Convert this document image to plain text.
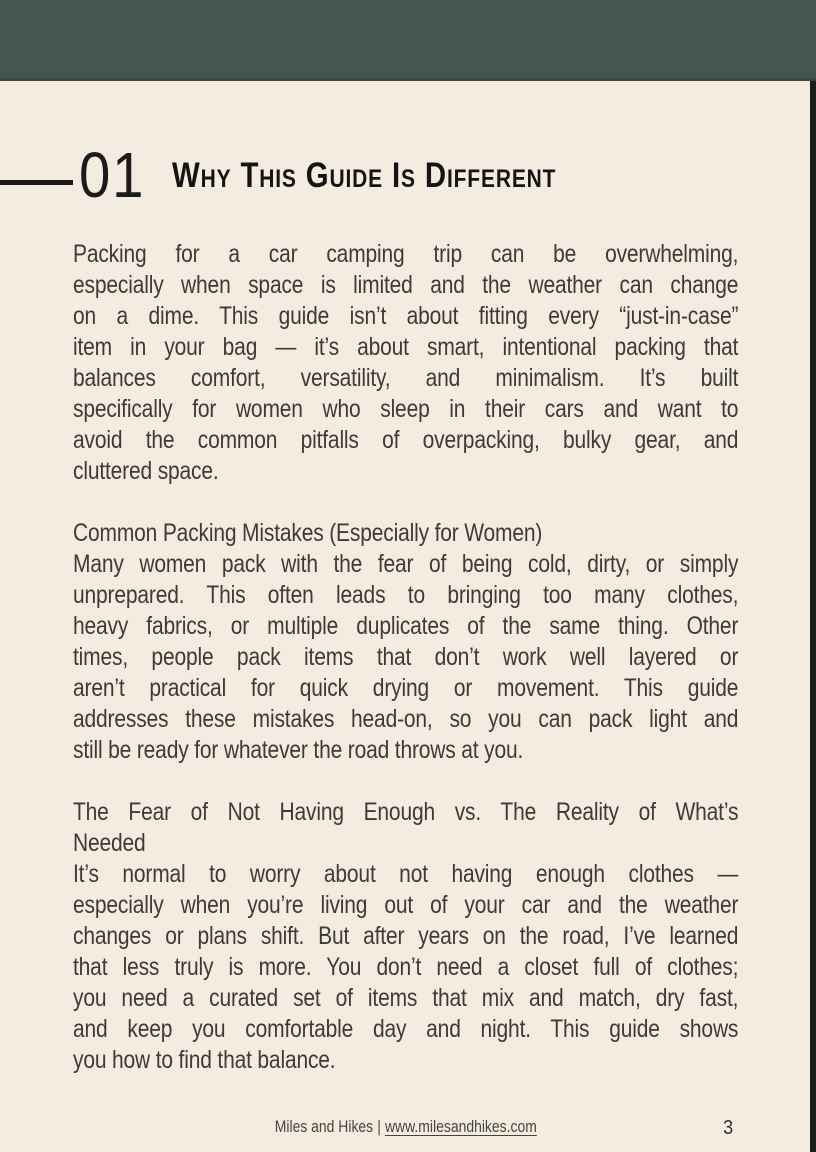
01 Why This Guide Is Different
Packing for a car camping trip can be overwhelming,
especially when space is limited and the weather can change
on a dime. This guide isn’t about fitting every “just-in-case”
item in your bag — it’s about smart, intentional packing that
balances comfort, versatility, and minimalism. It’s built
specifically for women who sleep in their cars and want to
avoid the common pitfalls of overpacking, bulky gear, and
cluttered space.
Common Packing Mistakes (Especially for Women)
Many women pack with the fear of being cold, dirty, or simply
unprepared. This often leads to bringing too many clothes,
heavy fabrics, or multiple duplicates of the same thing. Other
times, people pack items that don’t work well layered or
aren’t practical for quick drying or movement. This guide
addresses these mistakes head-on, so you can pack light and
still be ready for whatever the road throws at you.
The Fear of Not Having Enough vs. The Reality of What’s
Needed
It’s normal to worry about not having enough clothes —
especially when you’re living out of your car and the weather
changes or plans shift. But after years on the road, I’ve learned
that less truly is more. You don’t need a closet full of clothes;
you need a curated set of items that mix and match, dry fast,
and keep you comfortable day and night. This guide shows
you how to find that balance.
Miles and Hikes | www.milesandhikes.com	3
